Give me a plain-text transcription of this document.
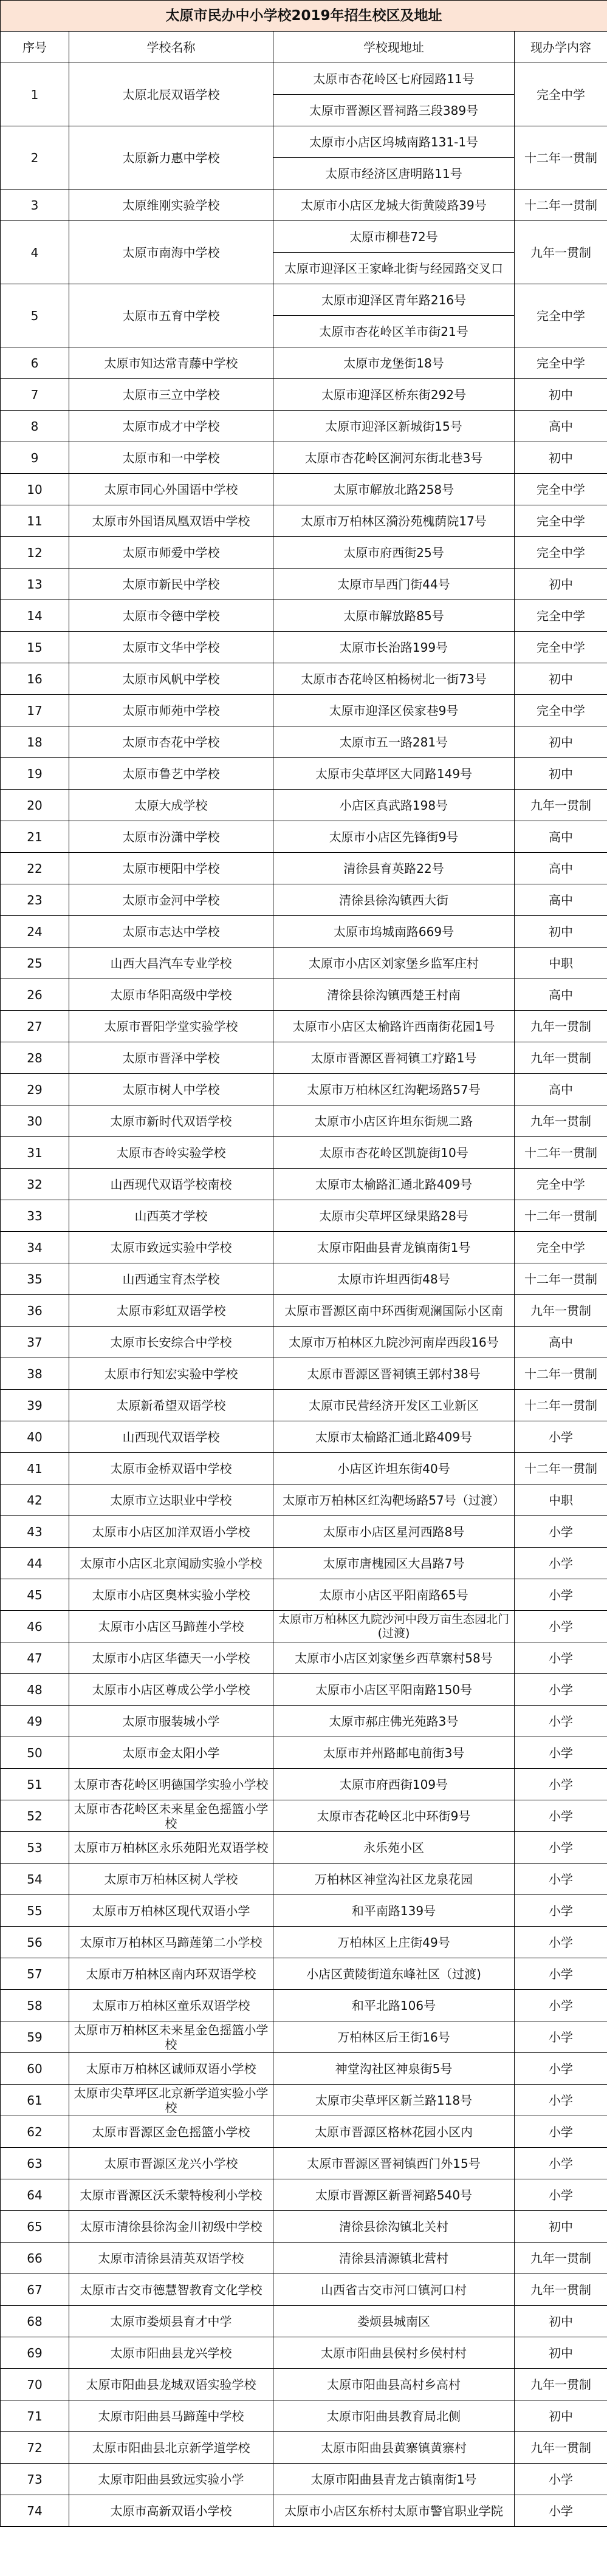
太原市民办中小学校2019年招生校区及地址			
序号	学校名称	学校现地址	现办学内容
1	太原北辰双语学校	太原市杏花岭区七府园路11号	完全中学
		太原市晋源区晋祠路三段389号	
2	太原新力惠中学校	太原市小店区坞城南路131-1号	十二年一贯制
		太原市经济区唐明路11号	
3	太原维刚实验学校	太原市小店区龙城大街黄陵路39号	十二年一贯制
4	太原市南海中学校	太原市柳巷72号	九年一贯制
		太原市迎泽区王家峰北街与经园路交叉口	
5	太原市五育中学校	太原市迎泽区青年路216号	完全中学
		太原市杏花岭区羊市街21号	
6	太原市知达常青藤中学校	太原市龙堡街18号	完全中学
7	太原市三立中学校	太原市迎泽区桥东街292号	初中
8	太原市成才中学校	太原市迎泽区新城街15号	高中
9	太原市和一中学校	太原市杏花岭区涧河东街北巷3号	初中
10	太原市同心外国语中学校	太原市解放北路258号	完全中学
11	太原市外国语凤凰双语中学校	太原市万柏林区漪汾苑槐荫院17号	完全中学
12	太原市师爱中学校	太原市府西街25号	完全中学
13	太原市新民中学校	太原市旱西门街44号	初中
14	太原市令德中学校	太原市解放路85号	完全中学
15	太原市文华中学校	太原市长治路199号	完全中学
16	太原市风帆中学校	太原市杏花岭区柏杨树北一街73号	初中
17	太原市师苑中学校	太原市迎泽区侯家巷9号	完全中学
18	太原市杏花中学校	太原市五一路281号	初中
19	太原市鲁艺中学校	太原市尖草坪区大同路149号	初中
20	太原大成学校	小店区真武路198号	九年一贯制
21	太原市汾潇中学校	太原市小店区先锋街9号	高中
22	太原市梗阳中学校	清徐县育英路22号	高中
23	太原市金河中学校	清徐县徐沟镇西大街	高中
24	太原市志达中学校	太原市坞城南路669号	初中
25	山西大昌汽车专业学校	太原市小店区刘家堡乡监军庄村	中职
26	太原市华阳高级中学校	清徐县徐沟镇西楚王村南	高中
27	太原市晋阳学堂实验学校	太原市小店区太榆路许西南街花园1号	九年一贯制
28	太原市晋泽中学校	太原市晋源区晋祠镇工疗路1号	九年一贯制
29	太原市树人中学校	太原市万柏林区红沟靶场路57号	高中
30	太原市新时代双语学校	太原市小店区许坦东街规二路	九年一贯制
31	太原市杏岭实验学校	太原市杏花岭区凯旋街10号	十二年一贯制
32	山西现代双语学校南校	太原市太榆路汇通北路409号	完全中学
33	山西英才学校	太原市尖草坪区绿果路28号	十二年一贯制
34	太原市致远实验中学校	太原市阳曲县青龙镇南街1号	完全中学
35	山西通宝育杰学校	太原市许坦西街48号	十二年一贯制
36	太原市彩虹双语学校	太原市晋源区南中环西街观澜国际小区南	九年一贯制
37	太原市长安综合中学校	太原市万柏林区九院沙河南岸西段16号	高中
38	太原市行知宏实验中学校	太原市晋源区晋祠镇王郭村38号	十二年一贯制
39	太原新希望双语学校	太原市民营经济开发区工业新区	十二年一贯制
40	山西现代双语学校	太原市太榆路汇通北路409号	小学
41	太原市金桥双语中学校	小店区许坦东街40号	十二年一贯制
42	太原市立达职业中学校	太原市万柏林区红沟靶场路57号（过渡）	中职
43	太原市小店区加洋双语小学校	太原市小店区星河西路8号	小学
44	太原市小店区北京闻励实验小学校	太原市唐槐园区大昌路7号	小学
45	太原市小店区奥林实验小学校	太原市小店区平阳南路65号	小学
46	太原市小店区马蹄莲小学校	太原市万柏林区九院沙河中段万亩生态园北门(过渡)	小学
47	太原市小店区华德天一小学校	太原市小店区刘家堡乡西草寨村58号	小学
48	太原市小店区尊成公学小学校	太原市小店区平阳南路150号	小学
49	太原市服装城小学	太原市郝庄佛光苑路3号	小学
50	太原市金太阳小学	太原市并州路邮电前街3号	小学
51	太原市杏花岭区明德国学实验小学校	太原市府西街109号	小学
52	太原市杏花岭区未来星金色摇篮小学校	太原市杏花岭区北中环街9号	小学
53	太原市万柏林区永乐苑阳光双语学校	永乐苑小区	小学
54	太原市万柏林区树人学校	万柏林区神堂沟社区龙泉花园	小学
55	太原市万柏林区现代双语小学	和平南路139号	小学
56	太原市万柏林区马蹄莲第二小学校	万柏林区上庄街49号	小学
57	太原市万柏林区南内环双语学校	小店区黄陵街道东峰社区（过渡)	小学
58	太原市万柏林区童乐双语学校	和平北路106号	小学
59	太原市万柏林区未来星金色摇篮小学校	万柏林区后王街16号	小学
60	太原市万柏林区诚师双语小学校	神堂沟社区神泉街5号	小学
61	太原市尖草坪区北京新学道实验小学校	太原市尖草坪区新兰路118号	小学
62	太原市晋源区金色摇篮小学校	太原市晋源区格林花园小区内	小学
63	太原市晋源区龙兴小学校	太原市晋源区晋祠镇西门外15号	小学
64	太原市晋源区沃禾蒙特梭利小学校	太原市晋源区新晋祠路540号	小学
65	太原市清徐县徐沟金川初级中学校	清徐县徐沟镇北关村	初中
66	太原市清徐县清英双语学校	清徐县清源镇北营村	九年一贯制
67	太原市古交市德慧智教育文化学校	山西省古交市河口镇河口村	九年一贯制
68	太原市娄烦县育才中学	娄烦县城南区	初中
69	太原市阳曲县龙兴学校	太原市阳曲县侯村乡侯村村	初中
70	太原市阳曲县龙城双语实验学校	太原市阳曲县高村乡高村	九年一贯制
71	太原市阳曲县马蹄莲中学校	太原市阳曲县教育局北侧	初中
72	太原市阳曲县北京新学道学校	太原市阳曲县黄寨镇黄寨村	九年一贯制
73	太原市阳曲县致远实验小学	太原市阳曲县青龙古镇南街1号	小学
74	太原市高新双语小学校	太原市小店区东桥村太原市警官职业学院	小学
